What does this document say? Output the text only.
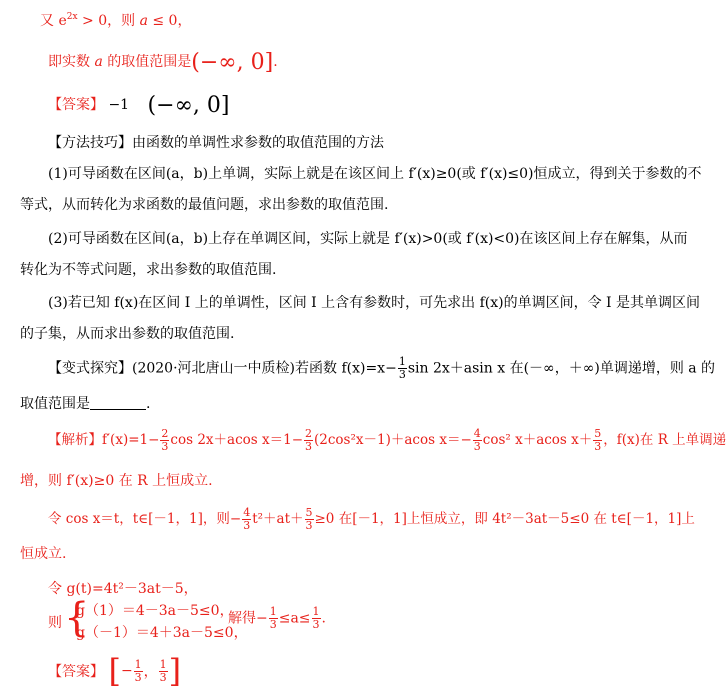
又 $e^{2x} > 0$，则 a ≤ 0，
即实数 a 的取值范围是(−∞, 0].
【答案】 −1 (−∞, 0]
【方法技巧】由函数的单调性求参数的取值范围的方法
(1)可导函数在区间(a，b)上单调，实际上就是在该区间上 f′(x)≥0(或 f′(x)≤0)恒成立，得到关于参数的不
等式，从而转化为求函数的最值问题，求出参数的取值范围.
(2)可导函数在区间(a，b)上存在单调区间，实际上就是 f′(x)>0(或 f′(x)<0)在该区间上存在解集，从而
转化为不等式问题，求出参数的取值范围.
(3)若已知 f(x)在区间 I 上的单调性，区间 I 上含有参数时，可先求出 f(x)的单调区间，令 I 是其单调区间
的子集，从而求出参数的取值范围.
【变式探究】(2020·河北唐山一中质检)若函数 $f(x)=x- \frac{1}{3}$ sin 2x＋asin x 在(－∞，＋∞)单调递增，则 a 的
取值范围是	.
【解析】$f'(x)=1- \frac{2}{3}$ cos 2x＋acos $x=1- \frac{2}{3} (2\cos^2x-1)+acos$ $x=- \frac{4}{3} \cos^2$ x＋acos $x+ \frac{5}{3}$ ，f(x)在 R 上单调递
增，则 f′(x)≥0 在 R 上恒成立.
令 cos x＝t，t∈[－1，1]，则− $\frac{4}{3} t^2+at+ \frac{5}{3} \ge 0$ 在[－1，1]上恒成立，即 4t²－3at－5≤0 在 t∈[－1，1]上
恒成立.
令 g(t)=4t²－3at－5，
则 {
g（1）＝4－3a－5≤0，
g（－1）＝4＋3a－5≤0，
解得− $\frac{1}{3} \le a\le \frac{1}{3}$ .
【答案】 [− $\frac{1}{3}$ ， $\frac{1}{3}$ ]
